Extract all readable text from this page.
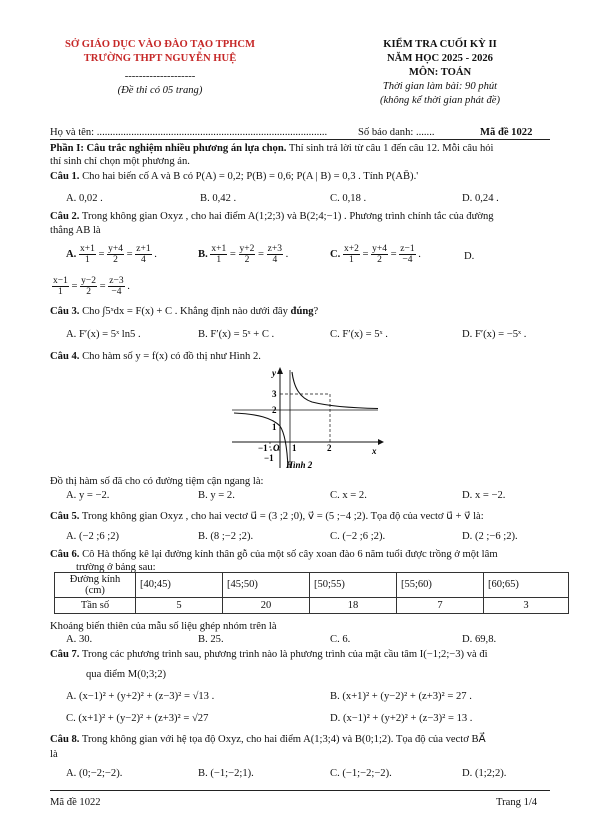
SỞ GIÁO DỤC VÀO ĐÀO TẠO TPHCM
TRƯỜNG THPT NGUYỄN HUỆ
--------------------
(Đề thi có 05 trang)
KIỂM TRA CUỐI KỲ II
NĂM HỌC 2025 - 2026
MÔN: TOÁN
Thời gian làm bài: 90 phút
(không kể thời gian phát đề)
Họ và tên: .......................................................................................	Số báo danh: .......	Mã đề 1022
Phần I: Câu trắc nghiệm nhiều phương án lựa chọn. Thí sinh trả lời từ câu 1 đến câu 12. Mỗi câu hỏi
thí sinh chỉ chọn một phương án.
Câu 1. Cho hai biến cố A và B có P(A) = 0,2; P(B) = 0,6; P(A | B) = 0,3 . Tính P(AB̄).'
A. 0,02 .	B. 0,42 .	C. 0,18 .	D. 0,24 .
Câu 2. Trong không gian Oxyz , cho hai điểm A(1;2;3) và B(2;4;−1) . Phương trình chính tắc của đường
thẳng AB là
A. $\frac{x+1}{1} = \frac{y+4}{2} = \frac{z+1}{4}$ .	B. $\frac{x+1}{1} = \frac{y+2}{2} = \frac{z+3}{4}$ .	C. $\frac{x+2}{1} = \frac{y+4}{2} = \frac{z-1}{-4}$ .	D.
$\frac{x-1}{1} = \frac{y-2}{2} = \frac{z-3}{-4}$ .
Câu 3. Cho ∫5ˣdx = F(x) + C . Khẳng định nào dưới đây đúng?
A. F′(x) = 5ˣ ln5 .	B. F′(x) = 5ˣ + C .	C. F′(x) = 5ˣ .	D. F′(x) = −5ˣ .
Câu 4. Cho hàm số y = f(x) có đồ thị như Hình 2.
y
x
3
2
1
−1 O 1	2
−1
Hình 2
Đồ thị hàm số đã cho có đường tiệm cận ngang là:
A. y = −2.	B. y = 2.	C. x = 2.	D. x = −2.
Câu 5. Trong không gian Oxyz , cho hai vectơ u⃗ = (3 ;2 ;0), v⃗ = (5 ;−4 ;2). Tọa độ của vectơ u⃗ + v⃗ là:
A. (−2 ;6 ;2)	B. (8 ;−2 ;2).	C. (−2 ;6 ;2).	D. (2 ;−6 ;2).
Câu 6. Cô Hà thống kê lại đường kính thân gỗ của một số cây xoan đào 6 năm tuổi được trồng ở một lâm
trường ở bảng sau:
Đường kính
(cm)	[40;45)	[45;50)	[50;55)	[55;60)	[60;65)
Tần số	5	20	18	7	3
Khoảng biến thiên của mẫu số liệu ghép nhóm trên là
A. 30.	B. 25.	C. 6.	D. 69,8.
Câu 7. Trong các phương trình sau, phương trình nào là phương trình của mặt cầu tâm I(−1;2;−3) và đi
qua điểm M(0;3;2)
A. (x−1)² + (y+2)² + (z−3)² = √13 .	B. (x+1)² + (y−2)² + (z+3)² = 27 .
C. (x+1)² + (y−2)² + (z+3)² = √27	D. (x−1)² + (y+2)² + (z−3)² = 13 .
Câu 8. Trong không gian với hệ tọa độ Oxyz, cho hai điểm A(1;3;4) và B(0;1;2). Tọa độ của vectơ BA⃗
là
A. (0;−2;−2).	B. (−1;−2;1).	C. (−1;−2;−2).	D. (1;2;2).
Mã đề 1022	Trang 1/4
